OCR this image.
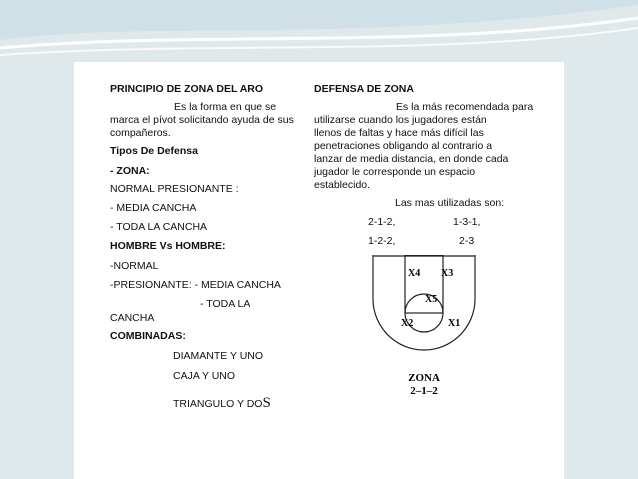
PRINCIPIO DE ZONA DEL ARO
Es la forma en que se
marca el pívot solicitando ayuda de sus
compañeros.
Tipos De Defensa
- ZONA:
NORMAL PRESIONANTE :
- MEDIA CANCHA
- TODA LA CANCHA
HOMBRE Vs HOMBRE:
-NORMAL
-PRESIONANTE: - MEDIA CANCHA
- TODA LA
CANCHA
COMBINADAS:
DIAMANTE Y UNO
CAJA Y UNO
TRIANGULO Y DOS
DEFENSA DE ZONA
Es la más recomendada para
utilizarse cuando los jugadores están
llenos de faltas y hace más difícil las
penetraciones obligando al contrario a
lanzar de media distancia, en donde cada
jugador le corresponde un espacio
establecido.
Las mas utilizadas son:
2-1-2,	1-3-1,
1-2-2,	2-3
X4 X3
X5
X2	X1
ZONA
2–1–2
